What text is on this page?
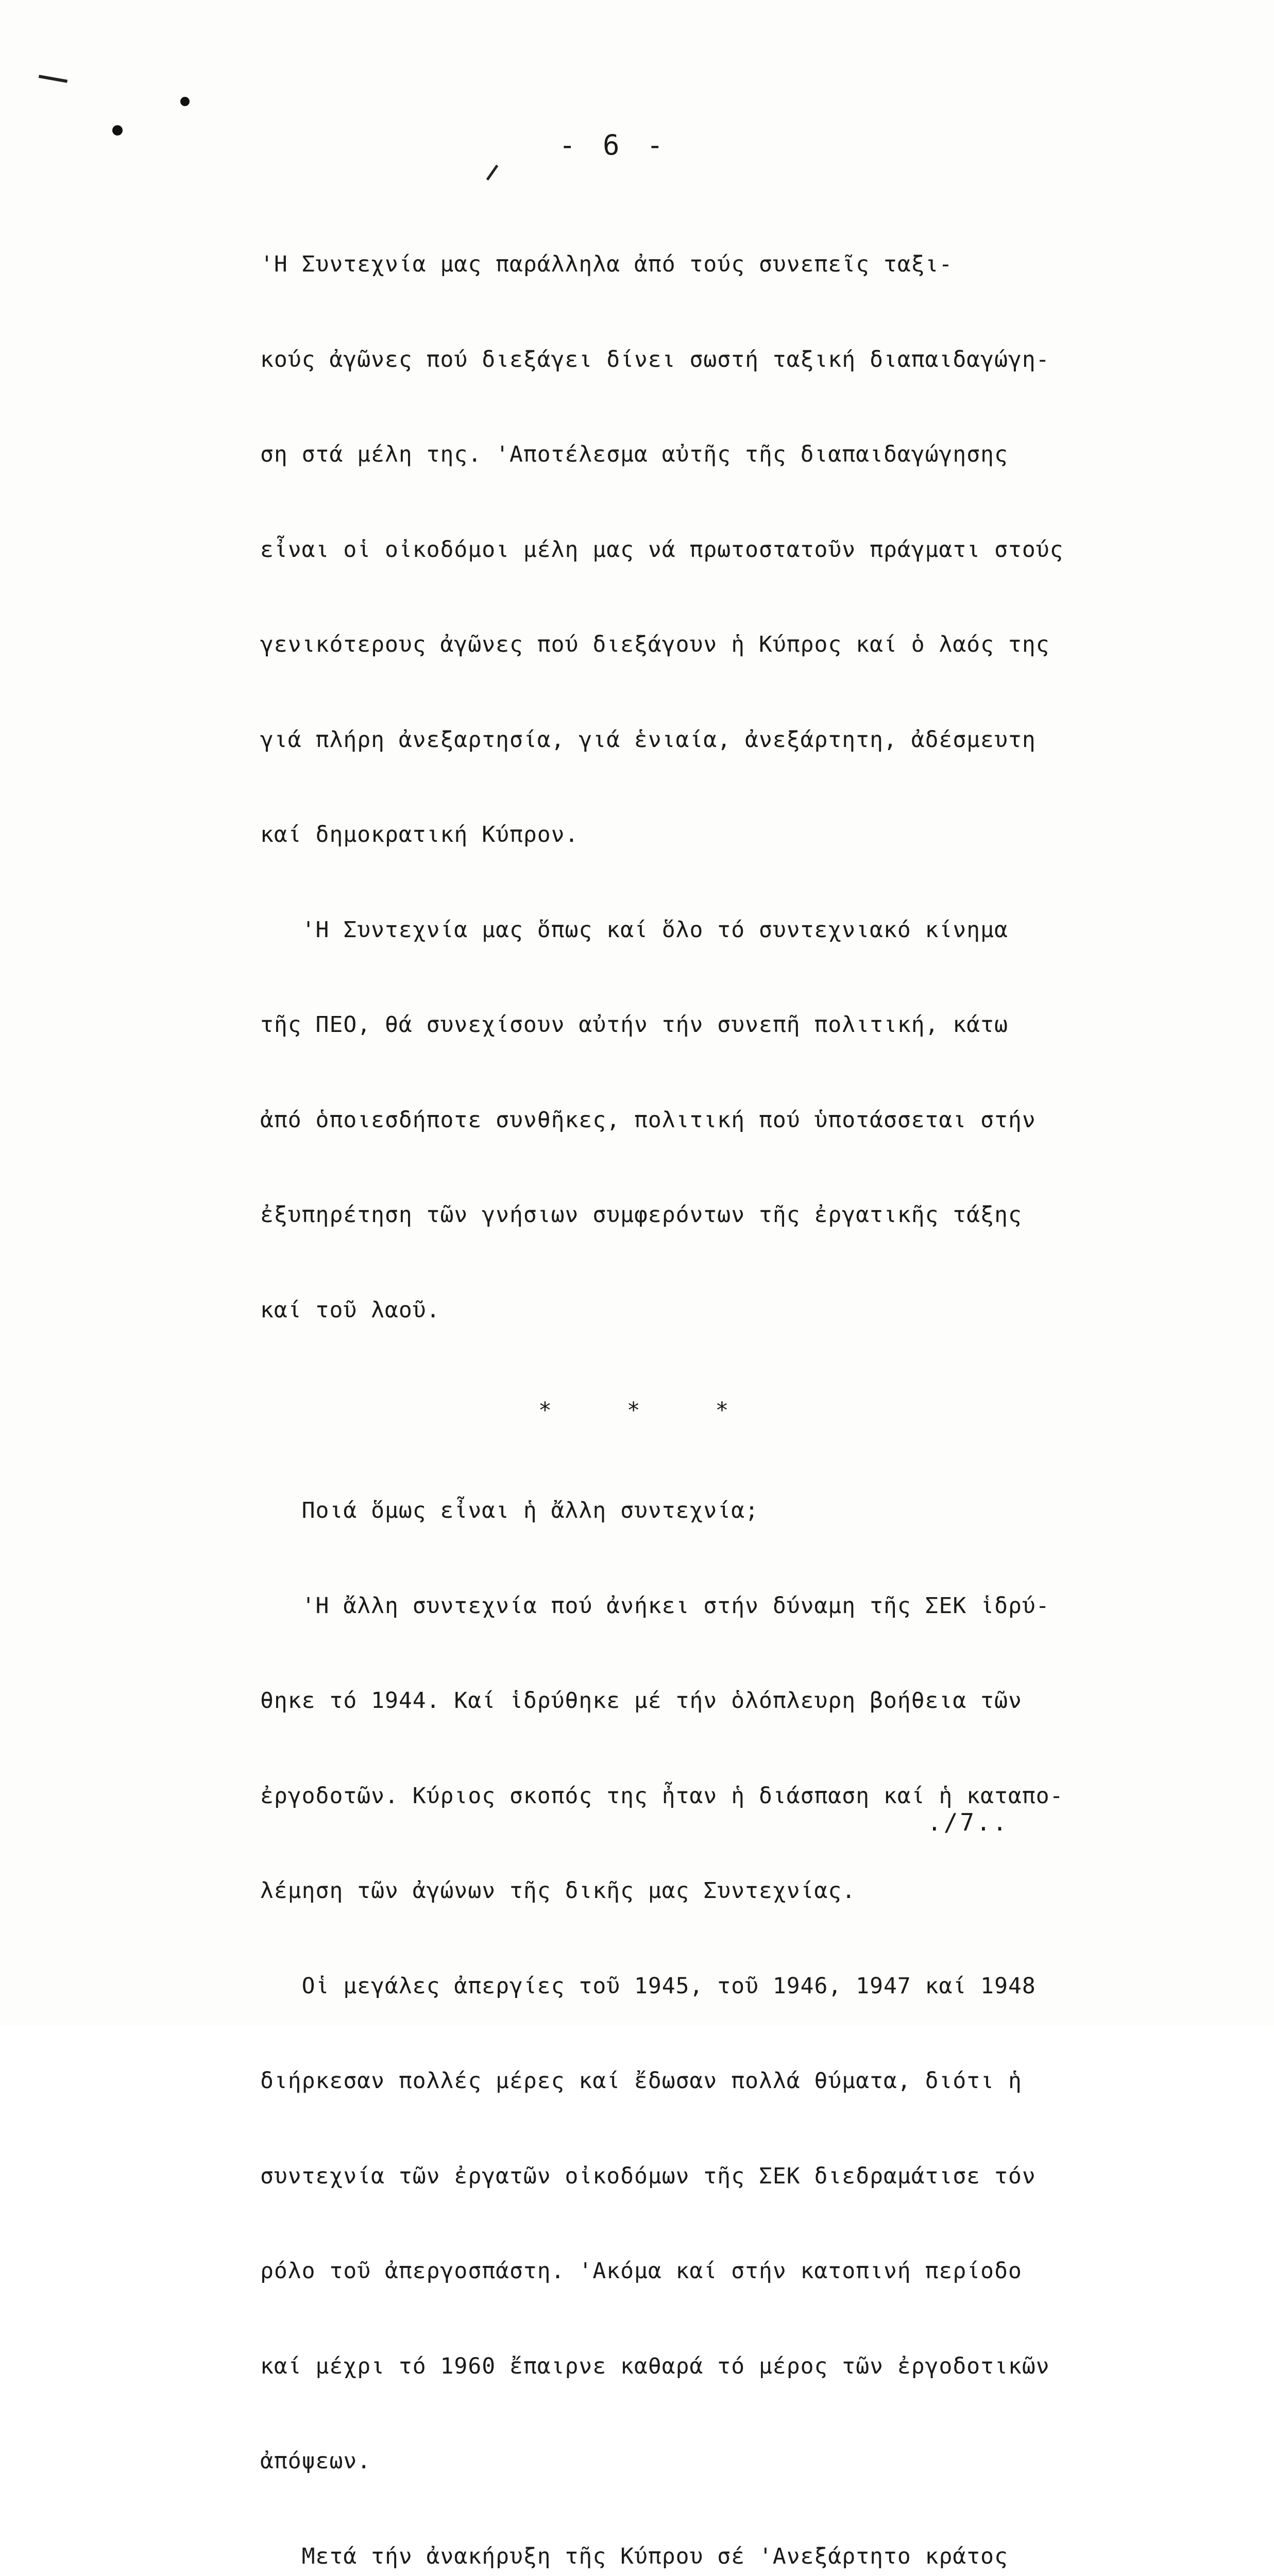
- 6 -

'Η Συντεχνία μας παράλληλα ἀπό τούς συνεπεῖς ταξι-

κούς ἀγῶνες πού διεξάγει δίνει σωστή ταξική διαπαιδαγώγη-

ση στά μέλη της. 'Αποτέλεσμα αὐτῆς τῆς διαπαιδαγώγησης

εἶναι οἱ οἰκοδόμοι μέλη μας νά πρωτοστατοῦν πράγματι στούς

γενικότερους ἀγῶνες πού διεξάγουν ἡ Κύπρος καί ὁ λαός της

γιά πλήρη ἀνεξαρτησία, γιά ἑνιαία, ἀνεξάρτητη, ἀδέσμευτη

καί δημοκρατική Κύπρον.

'Η Συντεχνία μας ὅπως καί ὅλο τό συντεχνιακό κίνημα

τῆς ΠΕΟ, θά συνεχίσουν αὐτήν τήν συνεπῆ πολιτική, κάτω

ἀπό ὁποιεσδήποτε συνθῆκες, πολιτική πού ὑποτάσσεται στήν

ἐξυπηρέτηση τῶν γνήσιων συμφερόντων τῆς ἐργατικῆς τάξης

καί τοῦ λαοῦ.

* * *

Ποιά ὅμως εἶναι ἡ ἄλλη συντεχνία;

'Η ἄλλη συντεχνία πού ἀνήκει στήν δύναμη τῆς ΣΕΚ ἱδρύ-

θηκε τό 1944. Καί ἱδρύθηκε μέ τήν ὁλόπλευρη βοήθεια τῶν

ἐργοδοτῶν. Κύριος σκοπός της ἦταν ἡ διάσπαση καί ἡ καταπο-

λέμηση τῶν ἀγώνων τῆς δικῆς μας Συντεχνίας.

Οἱ μεγάλες ἀπεργίες τοῦ 1945, τοῦ 1946, 1947 καί 1948

διήρκεσαν πολλές μέρες καί ἔδωσαν πολλά θύματα, διότι ἡ

συντεχνία τῶν ἐργατῶν οἰκοδόμων τῆς ΣΕΚ διεδραμάτισε τόν

ρόλο τοῦ ἀπεργοσπάστη. 'Ακόμα καί στήν κατοπινή περίοδο

καί μέχρι τό 1960 ἔπαιρνε καθαρά τό μέρος τῶν ἐργοδοτικῶν

ἀπόψεων.

Μετά τήν ἀνακήρυξη τῆς Κύπρου σέ 'Ανεξάρτητο κράτος

./7..
